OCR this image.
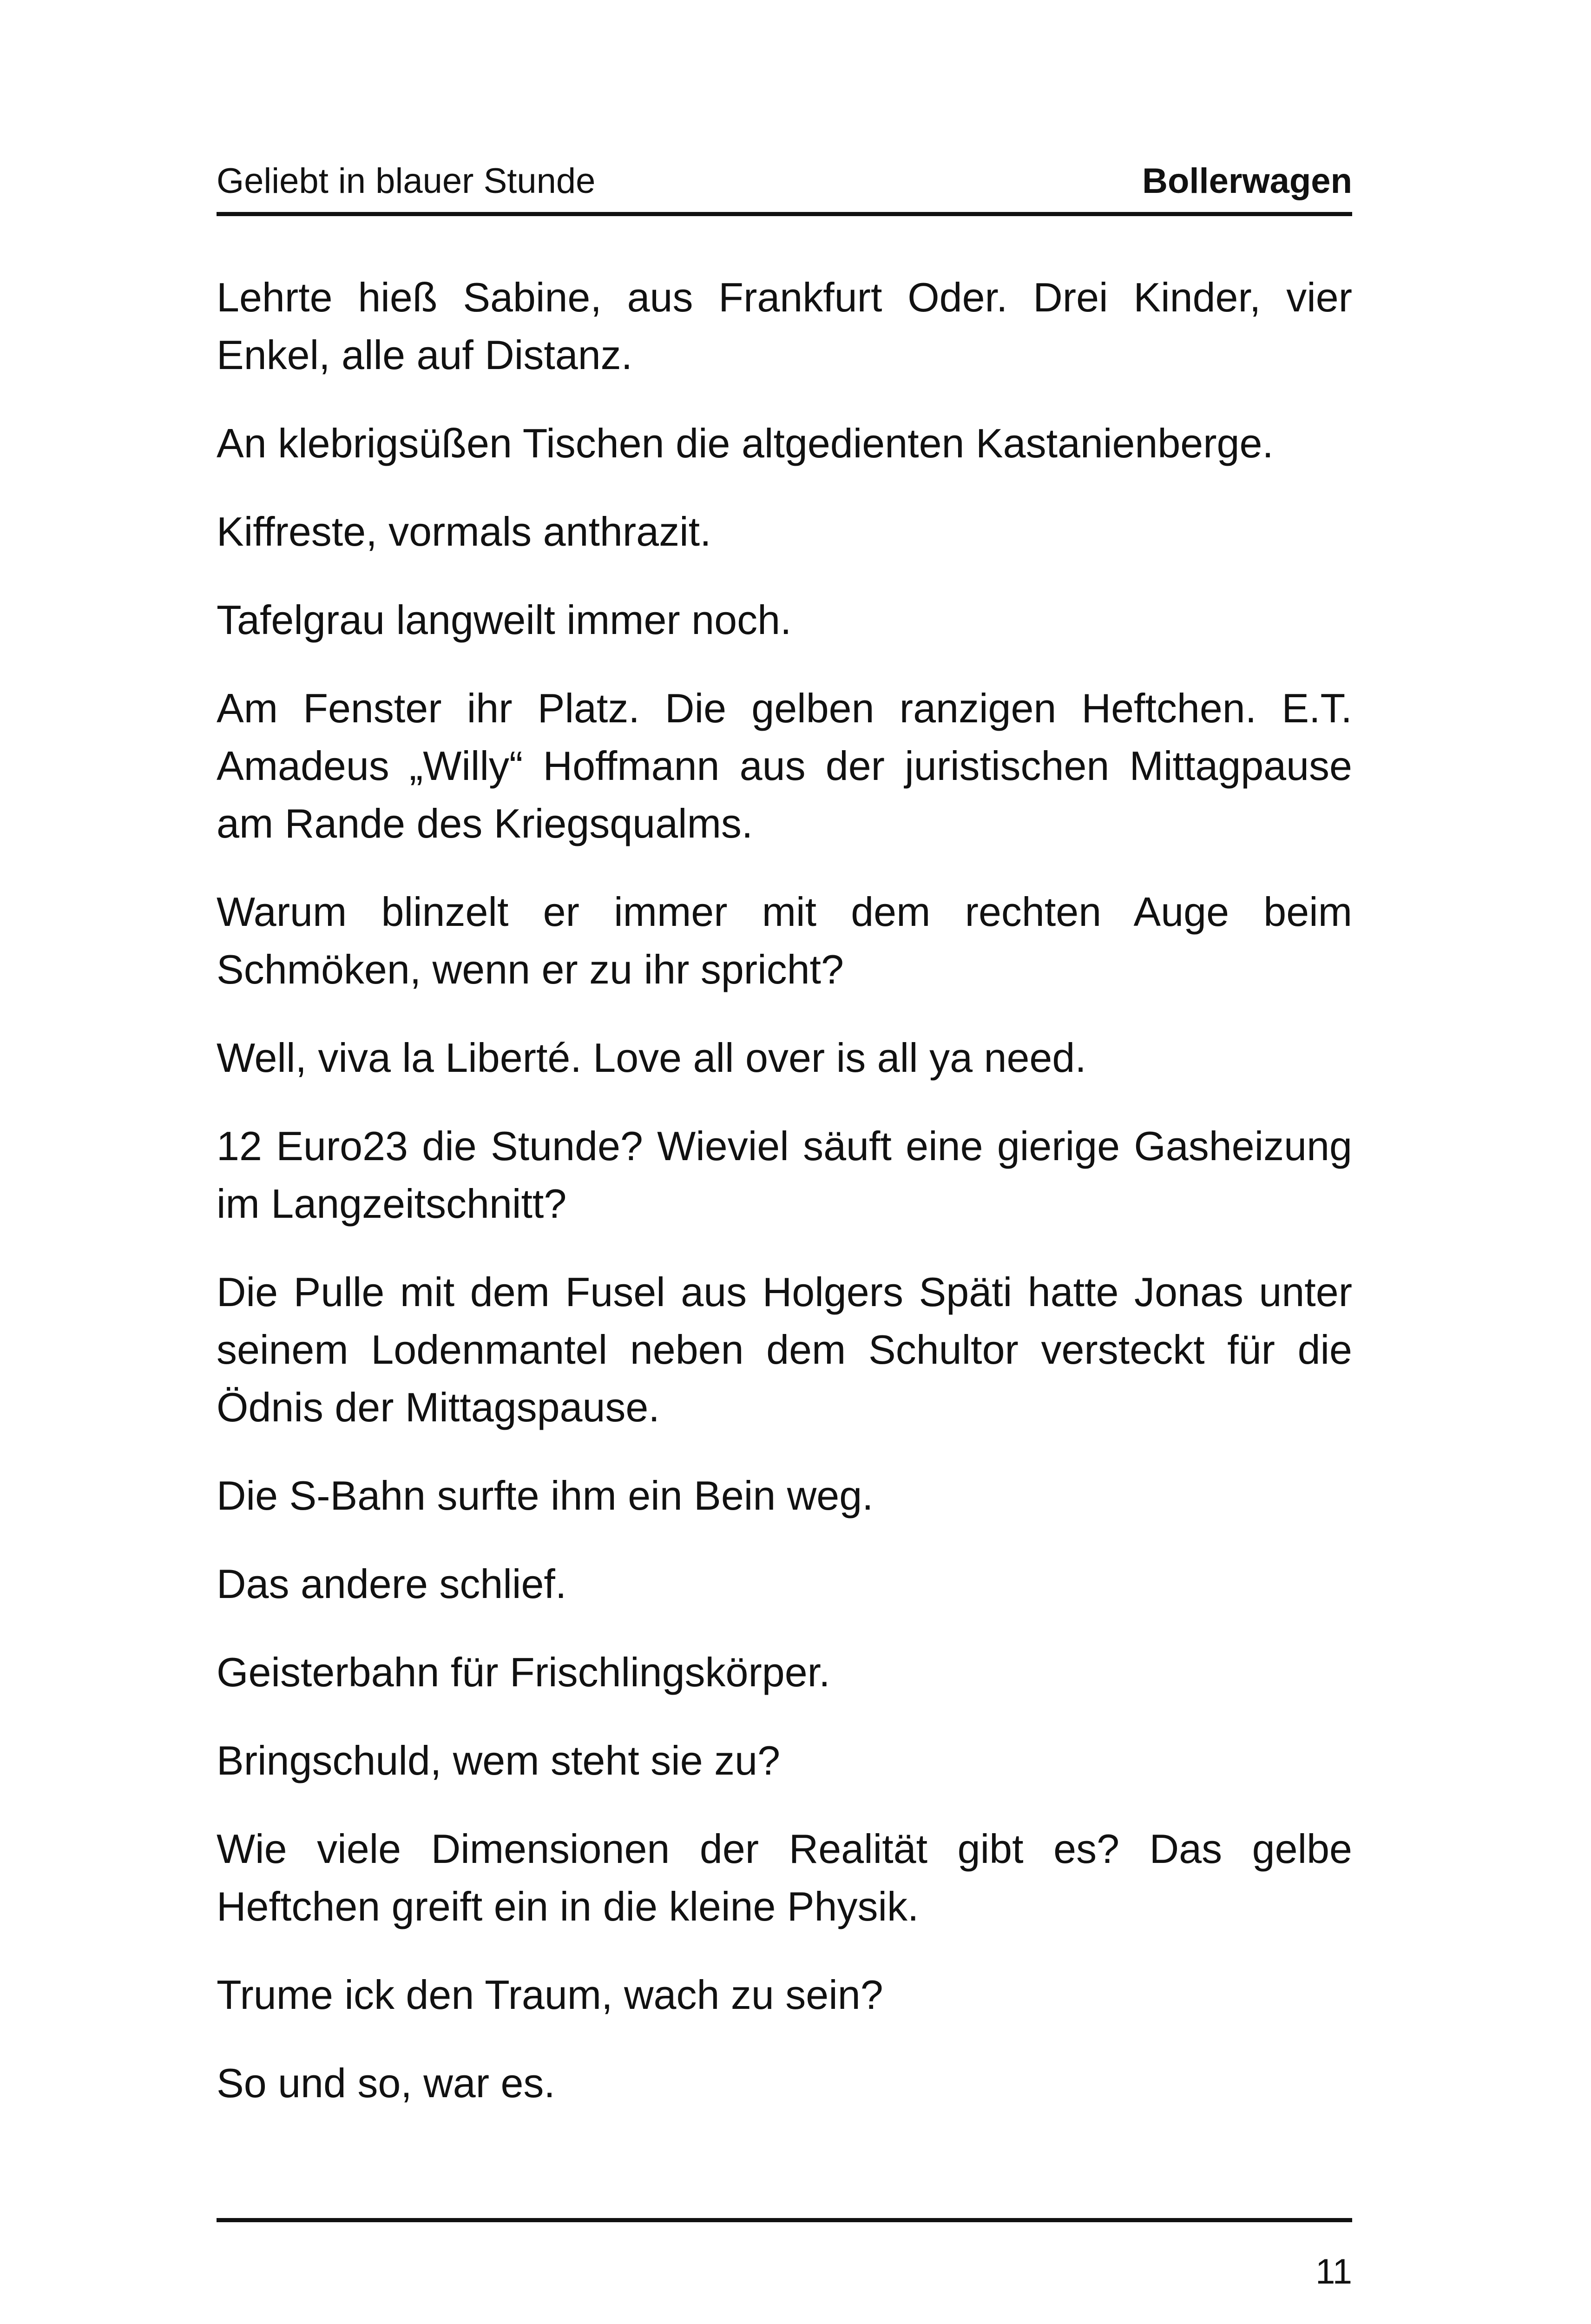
Geliebt in blauer Stunde	Bollerwagen

Lehrte hieß Sabine, aus Frankfurt Oder. Drei Kinder, vier Enkel, alle auf Distanz.

An klebrigsüßen Tischen die altgedienten Kastanienberge.

Kiffreste, vormals anthrazit.

Tafelgrau langweilt immer noch.

Am Fenster ihr Platz. Die gelben ranzigen Heftchen. E.T. Amadeus „Willy“ Hoffmann aus der juristischen Mittagpause am Rande des Kriegsqualms.

Warum blinzelt er immer mit dem rechten Auge beim Schmöken, wenn er zu ihr spricht?

Well, viva la Liberté. Love all over is all ya need.

12 Euro23 die Stunde? Wieviel säuft eine gierige Gasheizung im Langzeitschnitt?

Die Pulle mit dem Fusel aus Holgers Späti hatte Jonas unter seinem Lodenmantel neben dem Schultor versteckt für die Ödnis der Mittagspause.

Die S-Bahn surfte ihm ein Bein weg.

Das andere schlief.

Geisterbahn für Frischlingskörper.

Bringschuld, wem steht sie zu?

Wie viele Dimensionen der Realität gibt es? Das gelbe Heftchen greift ein in die kleine Physik.

Trume ick den Traum, wach zu sein?

So und so, war es.

11
